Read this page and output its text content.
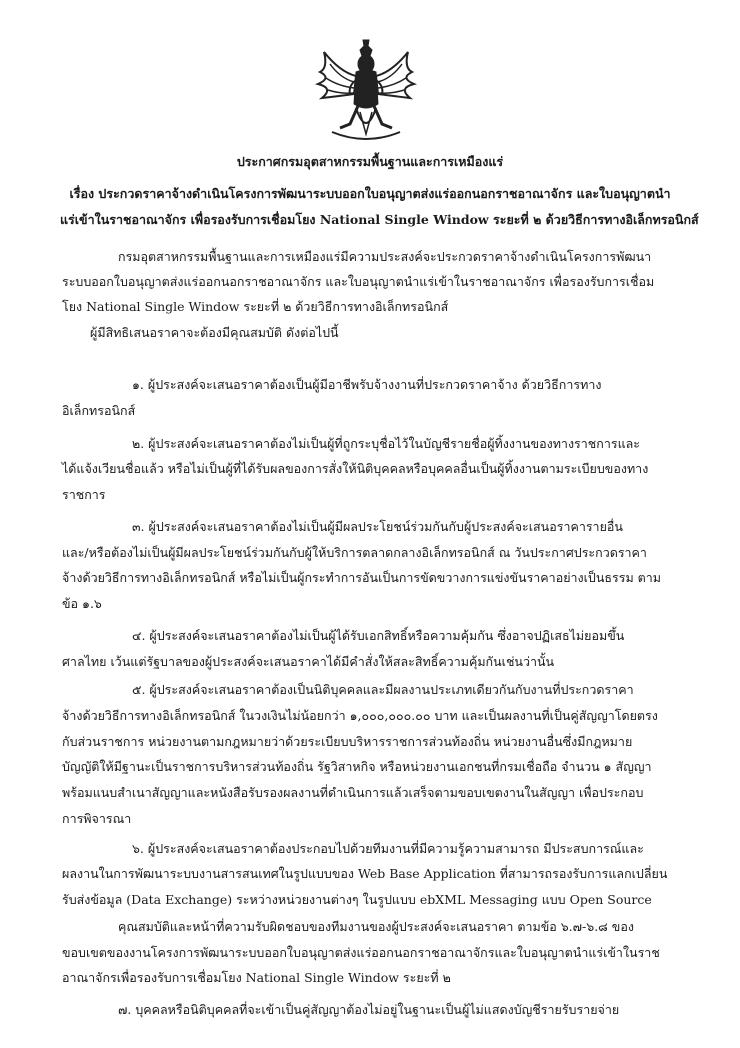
ประกาศกรมอุตสาหกรรมพื้นฐานและการเหมืองแร่
เรื่อง ประกวดราคาจ้างดำเนินโครงการพัฒนาระบบออกใบอนุญาตส่งแร่ออกนอกราชอาณาจักร และใบอนุญาตนำ
แร่เข้าในราชอาณาจักร เพื่อรองรับการเชื่อมโยง National Single Window ระยะที่ ๒ ด้วยวิธีการทางอิเล็กทรอนิกส์
กรมอุตสาหกรรมพื้นฐานและการเหมืองแร่มีความประสงค์จะประกวดราคาจ้างดำเนินโครงการพัฒนา
ระบบออกใบอนุญาตส่งแร่ออกนอกราชอาณาจักร และใบอนุญาตนำแร่เข้าในราชอาณาจักร เพื่อรองรับการเชื่อม
โยง National Single Window ระยะที่ ๒ ด้วยวิธีการทางอิเล็กทรอนิกส์
ผู้มีสิทธิเสนอราคาจะต้องมีคุณสมบัติ ดังต่อไปนี้
๑. ผู้ประสงค์จะเสนอราคาต้องเป็นผู้มีอาชีพรับจ้างงานที่ประกวดราคาจ้าง ด้วยวิธีการทาง
อิเล็กทรอนิกส์
๒. ผู้ประสงค์จะเสนอราคาต้องไม่เป็นผู้ที่ถูกระบุชื่อไว้ในบัญชีรายชื่อผู้ทิ้งงานของทางราชการและ
ได้แจ้งเวียนชื่อแล้ว หรือไม่เป็นผู้ที่ได้รับผลของการสั่งให้นิติบุคคลหรือบุคคลอื่นเป็นผู้ทิ้งงานตามระเบียบของทาง
ราชการ
๓. ผู้ประสงค์จะเสนอราคาต้องไม่เป็นผู้มีผลประโยชน์ร่วมกันกับผู้ประสงค์จะเสนอราคารายอื่น
และ/หรือต้องไม่เป็นผู้มีผลประโยชน์ร่วมกันกับผู้ให้บริการตลาดกลางอิเล็กทรอนิกส์ ณ วันประกาศประกวดราคา
จ้างด้วยวิธีการทางอิเล็กทรอนิกส์ หรือไม่เป็นผู้กระทำการอันเป็นการขัดขวางการแข่งขันราคาอย่างเป็นธรรม ตาม
ข้อ ๑.๖
๔. ผู้ประสงค์จะเสนอราคาต้องไม่เป็นผู้ได้รับเอกสิทธิ์หรือความคุ้มกัน ซึ่งอาจปฏิเสธไม่ยอมขึ้น
ศาลไทย เว้นแต่รัฐบาลของผู้ประสงค์จะเสนอราคาได้มีคำสั่งให้สละสิทธิ์ความคุ้มกันเช่นว่านั้น
๕. ผู้ประสงค์จะเสนอราคาต้องเป็นนิติบุคคลและมีผลงานประเภทเดียวกันกับงานที่ประกวดราคา
จ้างด้วยวิธีการทางอิเล็กทรอนิกส์ ในวงเงินไม่น้อยกว่า ๑,๐๐๐,๐๐๐.๐๐ บาท และเป็นผลงานที่เป็นคู่สัญญาโดยตรง
กับส่วนราชการ หน่วยงานตามกฎหมายว่าด้วยระเบียบบริหารราชการส่วนท้องถิ่น หน่วยงานอื่นซึ่งมีกฎหมาย
บัญญัติให้มีฐานะเป็นราชการบริหารส่วนท้องถิ่น รัฐวิสาหกิจ หรือหน่วยงานเอกชนที่กรมเชื่อถือ จำนวน ๑ สัญญา
พร้อมแนบสำเนาสัญญาและหนังสือรับรองผลงานที่ดำเนินการแล้วเสร็จตามขอบเขตงานในสัญญา เพื่อประกอบ
การพิจารณา
๖. ผู้ประสงค์จะเสนอราคาต้องประกอบไปด้วยทีมงานที่มีความรู้ความสามารถ มีประสบการณ์และ
ผลงานในการพัฒนาระบบงานสารสนเทศในรูปแบบของ Web Base Application ที่สามารถรองรับการแลกเปลี่ยน
รับส่งข้อมูล (Data Exchange) ระหว่างหน่วยงานต่างๆ ในรูปแบบ ebXML Messaging แบบ Open Source
คุณสมบัติและหน้าที่ความรับผิดชอบของทีมงานของผู้ประสงค์จะเสนอราคา ตามข้อ ๖.๗-๖.๘ ของ
ขอบเขตของงานโครงการพัฒนาระบบออกใบอนุญาตส่งแร่ออกนอกราชอาณาจักรและใบอนุญาตนำแร่เข้าในราช
อาณาจักรเพื่อรองรับการเชื่อมโยง National Single Window ระยะที่ ๒
๗. บุคคลหรือนิติบุคคลที่จะเข้าเป็นคู่สัญญาต้องไม่อยู่ในฐานะเป็นผู้ไม่แสดงบัญชีรายรับรายจ่าย
